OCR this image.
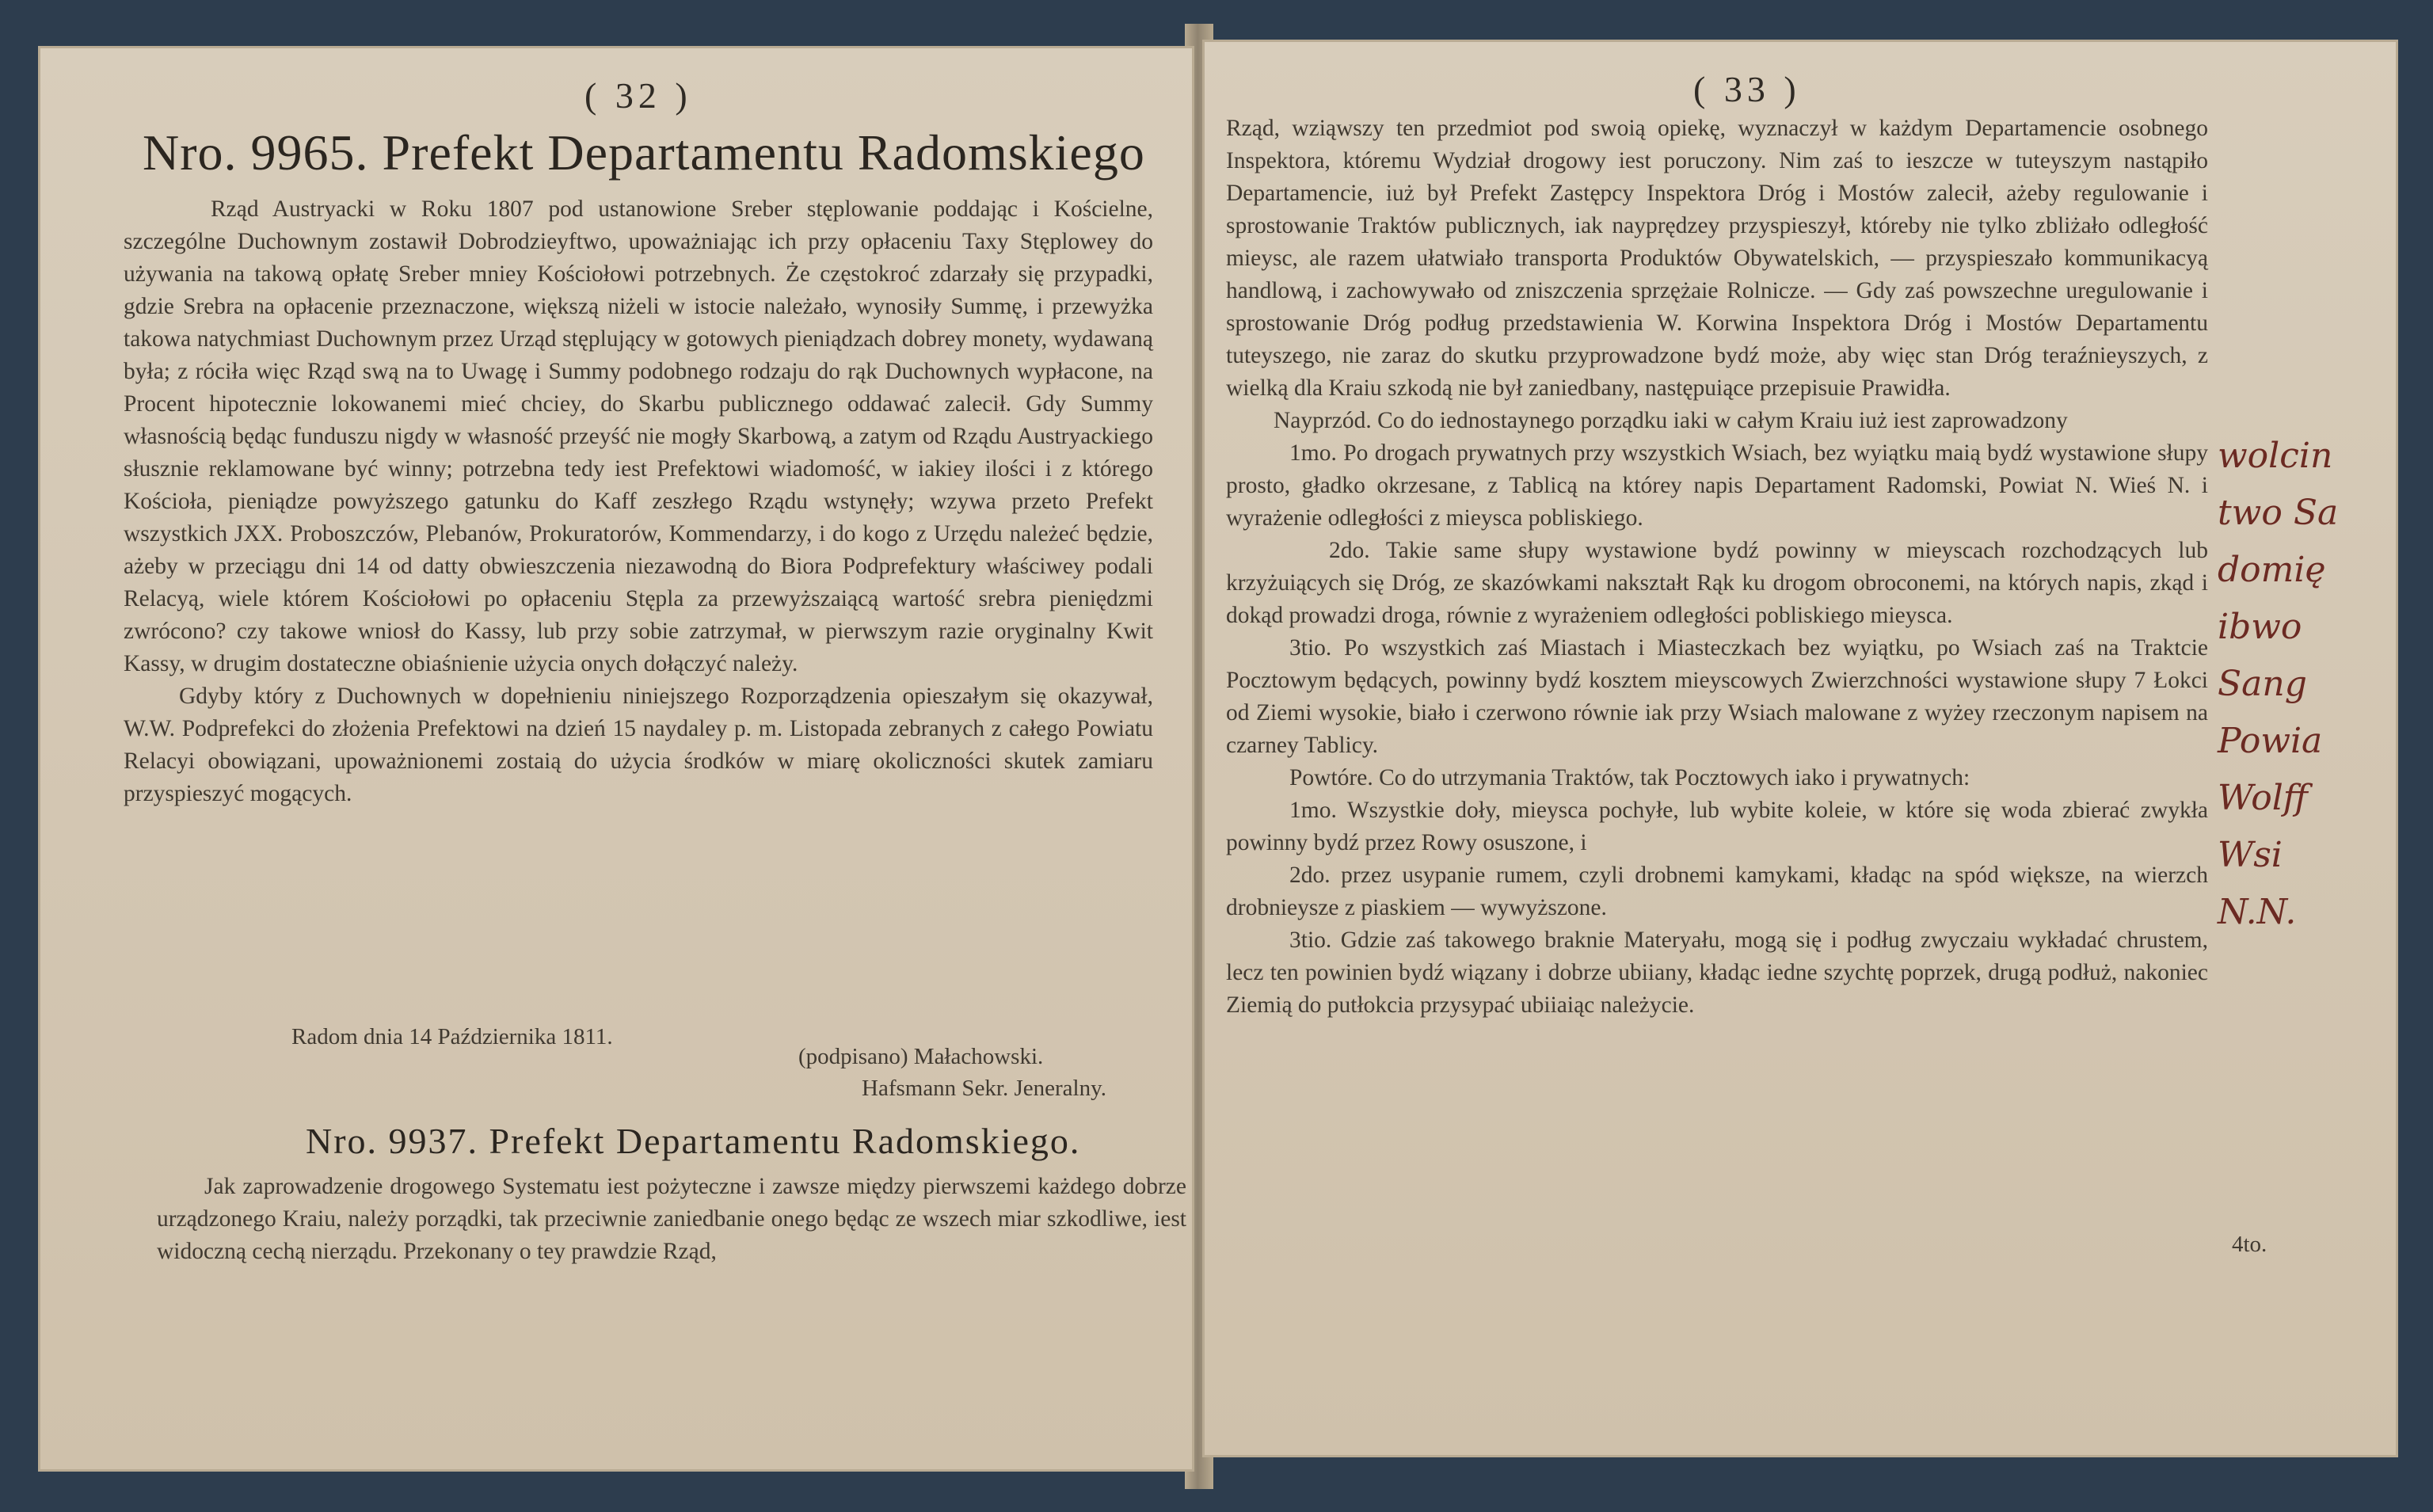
( 32 )
Nro. 9965. Prefekt Departamentu Radomskiego

Rząd Austryacki w Roku 1807 pod ustanowione Sreber stęplowanie poddając i Kościelne, szczególne Duchownym zostawił Dobrodzieyftwo, upoważniając ich przy opłaceniu Taxy Stęplowey do używania na takową opłatę Sreber mniey Kościołowi potrzebnych. Że częstokroć zdarzały się przypadki, gdzie Srebra na opłacenie przeznaczone, większą niżeli w istocie należało, wynosiły Summę, i przewyżka takowa natychmiast Duchownym przez Urząd stęplujący w gotowych pieniądzach dobrey monety, wydawaną była; z róciła więc Rząd swą na to Uwagę i Summy podobnego rodzaju do rąk Duchownych wypłacone, na Procent hipotecznie lokowanemi mieć chciey, do Skarbu publicznego oddawać zalecił. Gdy Summy własnością będąc funduszu nigdy w własność przeyść nie mogły Skarbową, a zatym od Rządu Austryackiego słusznie reklamowane być winny; potrzebna tedy iest Prefektowi wiadomość, w iakiey ilości i z którego Kościoła, pieniądze powyższego gatunku do Kaff zeszłego Rządu wstynęły; wzywa przeto Prefekt wszystkich JXX. Proboszczów, Plebanów, Prokuratorów, Kommendarzy, i do kogo z Urzędu należeć będzie, ażeby w przeciągu dni 14 od datty obwieszczenia niezawodną do Biora Podprefektury właściwey podali Relacyą, wiele którem Kościołowi po opłaceniu Stępla za przewyższaiącą wartość srebra pieniędzmi zwrócono? czy takowe wniosł do Kassy, lub przy sobie zatrzymał, w pierwszym razie oryginalny Kwit Kassy, w drugim dostateczne obiaśnienie użycia onych dołączyć należy.

Gdyby który z Duchownych w dopełnieniu niniejszego Rozporządzenia opieszałym się okazywał, W.W. Podprefekci do złożenia Prefektowi na dzień 15 naydaley p. m. Listopada zebranych z całego Powiatu Relacyi obowiązani, upoważnionemi zostaią do użycia środków w miarę okoliczności skutek zamiaru przyspieszyć mogących.

Radom dnia 14 Października 1811.
(podpisano) Małachowski.
Hafsmann Sekr. Jeneralny.
Nro. 9937. Prefekt Departamentu Radomskiego.

Jak zaprowadzenie drogowego Systematu iest pożyteczne i zawsze między pierwszemi każdego dobrze urządzonego Kraiu, należy porządki, tak przeciwnie zaniedbanie onego będąc ze wszech miar szkodliwe, iest widoczną cechą nierządu. Przekonany o tey prawdzie Rząd,

( 33 )

Rząd, wziąwszy ten przedmiot pod swoią opiekę, wyznaczył w każdym Departamencie osobnego Inspektora, któremu Wydział drogowy iest poruczony. Nim zaś to ieszcze w tuteyszym nastąpiło Departamencie, iuż był Prefekt Zastępcy Inspektora Dróg i Mostów zalecił, ażeby regulowanie i sprostowanie Traktów publicznych, iak nayprędzey przyspieszył, któreby nie tylko zbliżało odległość mieysc, ale razem ułatwiało transporta Produktów Obywatelskich, — przyspieszało kommunikacyą handlową, i zachowywało od zniszczenia sprzężaie Rolnicze. — Gdy zaś powszechne uregulowanie i sprostowanie Dróg podług przedstawienia W. Korwina Inspektora Dróg i Mostów Departamentu tuteyszego, nie zaraz do skutku przyprowadzone bydź może, aby więc stan Dróg teraźnieyszych, z wielką dla Kraiu szkodą nie był zaniedbany, następuiące przepisuie Prawidła.

Nayprzód. Co do iednostaynego porządku iaki w całym Kraiu iuż iest zaprowadzony

1mo. Po drogach prywatnych przy wszystkich Wsiach, bez wyiątku maią bydź wystawione słupy prosto, gładko okrzesane, z Tablicą na którey napis Departament Radomski, Powiat N. Wieś N. i wyrażenie odległości z mieysca pobliskiego.

2do. Takie same słupy wystawione bydź powinny w mieyscach rozchodzących lub krzyżuiących się Dróg, ze skazówkami nakształt Rąk ku drogom obroconemi, na których napis, zkąd i dokąd prowadzi droga, równie z wyrażeniem odległości pobliskiego mieysca.

3tio. Po wszystkich zaś Miastach i Miasteczkach bez wyiątku, po Wsiach zaś na Traktcie Pocztowym będących, powinny bydź kosztem mieyscowych Zwierzchności wystawione słupy 7 Łokci od Ziemi wysokie, biało i czerwono równie iak przy Wsiach malowane z wyżey rzeczonym napisem na czarney Tablicy.

Powtóre. Co do utrzymania Traktów, tak Pocztowych iako i prywatnych:

1mo. Wszystkie doły, mieysca pochyłe, lub wybite koleie, w które się woda zbierać zwykła powinny bydź przez Rowy osuszone, i

2do. przez usypanie rumem, czyli drobnemi kamykami, kładąc na spód większe, na wierzch drobnieysze z piaskiem — wywyższone.

3tio. Gdzie zaś takowego braknie Materyału, mogą się i podług zwyczaiu wykładać chrustem, lecz ten powinien bydź wiązany i dobrze ubiiany, kładąc iedne szychtę poprzek, drugą podłuż, nakoniec Ziemią do putłokcia przysypać ubiiaiąc należycie.

4to.
wolcin
two Sa
domię
ibwo
Sang
Powia
Wolff
Wsi
N.N.
